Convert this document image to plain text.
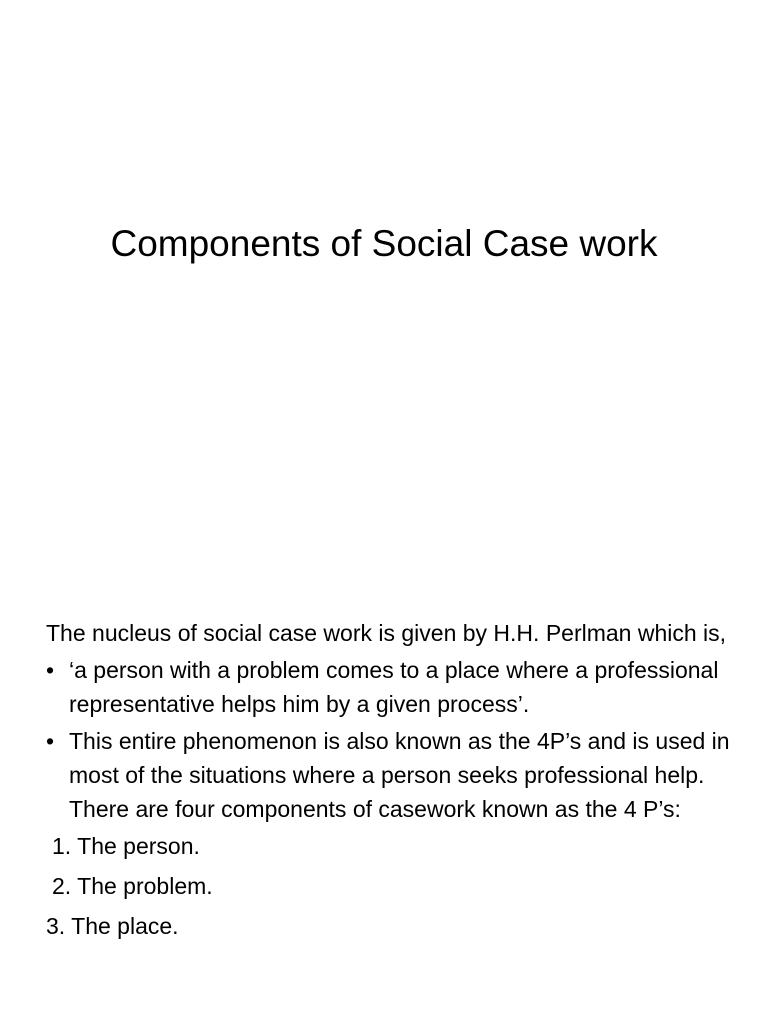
Components of Social Case work

The nucleus of social case work is given by H.H. Perlman which is,

• ‘a person with a problem comes to a place where a professional representative helps him by a given process’.
• This entire phenomenon is also known as the 4P’s and is used in most of the situations where a person seeks professional help. There are four components of casework known as the 4 P’s:
1. The person.
2. The problem.
3. The place.
